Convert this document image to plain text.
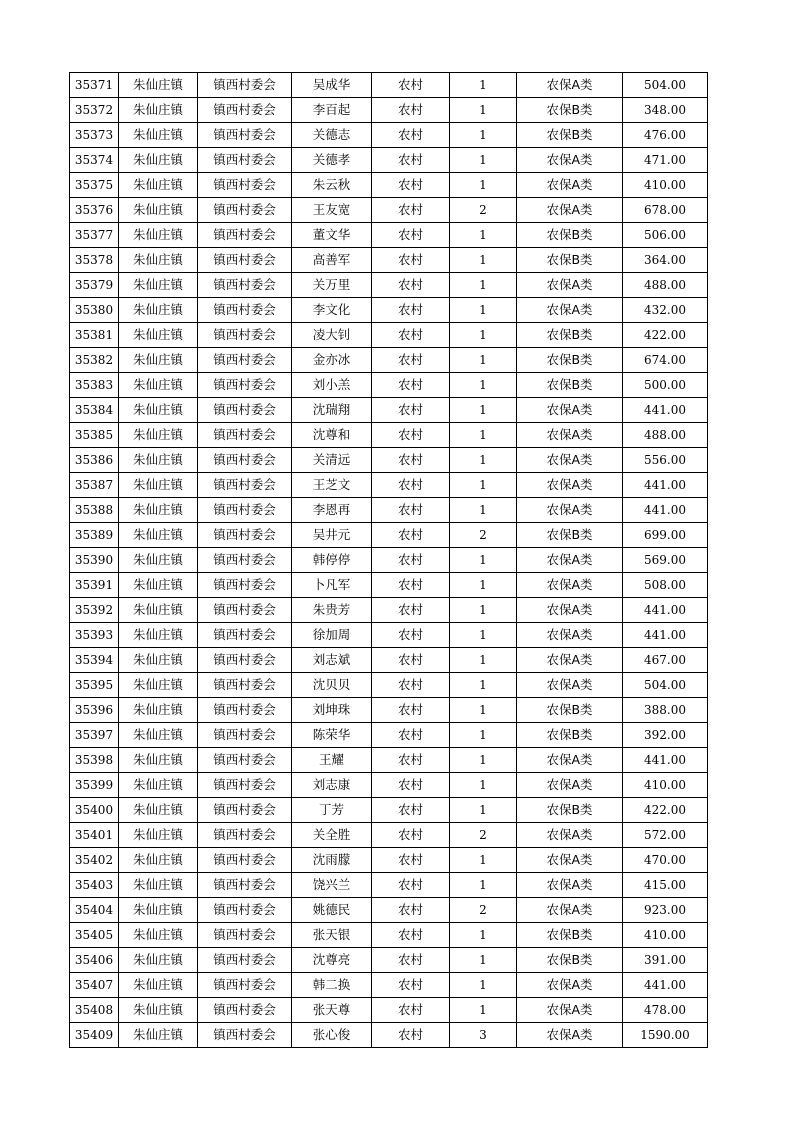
35371	朱仙庄镇	镇西村委会	吴成华	农村	1	农保A类	504.00
35372	朱仙庄镇	镇西村委会	李百起	农村	1	农保B类	348.00
35373	朱仙庄镇	镇西村委会	关德志	农村	1	农保B类	476.00
35374	朱仙庄镇	镇西村委会	关德孝	农村	1	农保A类	471.00
35375	朱仙庄镇	镇西村委会	朱云秋	农村	1	农保A类	410.00
35376	朱仙庄镇	镇西村委会	王友宽	农村	2	农保A类	678.00
35377	朱仙庄镇	镇西村委会	董文华	农村	1	农保B类	506.00
35378	朱仙庄镇	镇西村委会	高善军	农村	1	农保B类	364.00
35379	朱仙庄镇	镇西村委会	关万里	农村	1	农保A类	488.00
35380	朱仙庄镇	镇西村委会	李文化	农村	1	农保A类	432.00
35381	朱仙庄镇	镇西村委会	凌大钊	农村	1	农保B类	422.00
35382	朱仙庄镇	镇西村委会	金亦冰	农村	1	农保B类	674.00
35383	朱仙庄镇	镇西村委会	刘小羔	农村	1	农保B类	500.00
35384	朱仙庄镇	镇西村委会	沈瑞翔	农村	1	农保A类	441.00
35385	朱仙庄镇	镇西村委会	沈尊和	农村	1	农保A类	488.00
35386	朱仙庄镇	镇西村委会	关清远	农村	1	农保A类	556.00
35387	朱仙庄镇	镇西村委会	王芝文	农村	1	农保A类	441.00
35388	朱仙庄镇	镇西村委会	李恩再	农村	1	农保A类	441.00
35389	朱仙庄镇	镇西村委会	吴井元	农村	2	农保B类	699.00
35390	朱仙庄镇	镇西村委会	韩停停	农村	1	农保A类	569.00
35391	朱仙庄镇	镇西村委会	卜凡军	农村	1	农保A类	508.00
35392	朱仙庄镇	镇西村委会	朱贵芳	农村	1	农保A类	441.00
35393	朱仙庄镇	镇西村委会	徐加周	农村	1	农保A类	441.00
35394	朱仙庄镇	镇西村委会	刘志斌	农村	1	农保A类	467.00
35395	朱仙庄镇	镇西村委会	沈贝贝	农村	1	农保A类	504.00
35396	朱仙庄镇	镇西村委会	刘坤珠	农村	1	农保B类	388.00
35397	朱仙庄镇	镇西村委会	陈荣华	农村	1	农保B类	392.00
35398	朱仙庄镇	镇西村委会	王耀	农村	1	农保A类	441.00
35399	朱仙庄镇	镇西村委会	刘志康	农村	1	农保A类	410.00
35400	朱仙庄镇	镇西村委会	丁芳	农村	1	农保B类	422.00
35401	朱仙庄镇	镇西村委会	关全胜	农村	2	农保A类	572.00
35402	朱仙庄镇	镇西村委会	沈雨朦	农村	1	农保A类	470.00
35403	朱仙庄镇	镇西村委会	饶兴兰	农村	1	农保A类	415.00
35404	朱仙庄镇	镇西村委会	姚德民	农村	2	农保A类	923.00
35405	朱仙庄镇	镇西村委会	张天银	农村	1	农保B类	410.00
35406	朱仙庄镇	镇西村委会	沈尊亮	农村	1	农保B类	391.00
35407	朱仙庄镇	镇西村委会	韩二换	农村	1	农保A类	441.00
35408	朱仙庄镇	镇西村委会	张天尊	农村	1	农保A类	478.00
35409	朱仙庄镇	镇西村委会	张心俊	农村	3	农保A类	1590.00
